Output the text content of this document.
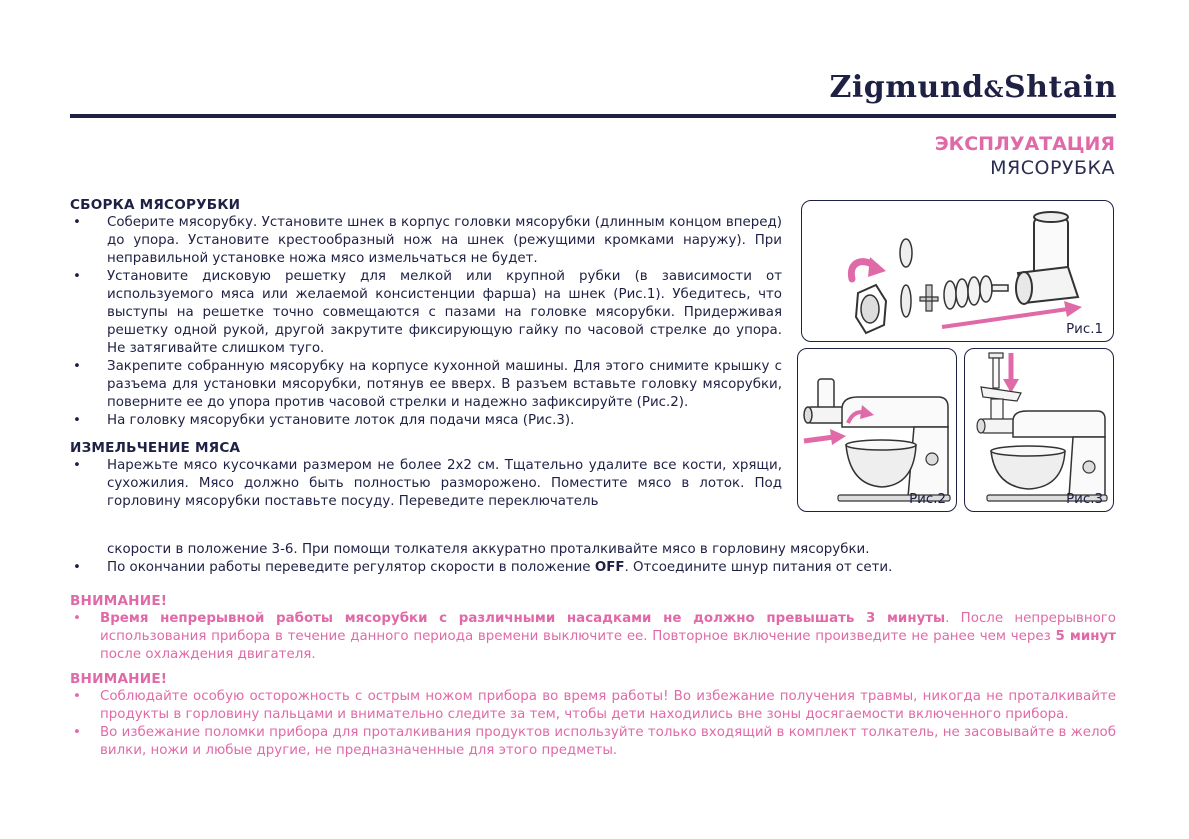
Zigmund&Shtain
ЭКСПЛУАТАЦИЯ
МЯСОРУБКА
СБОРКА МЯСОРУБКИ
• Соберите мясорубку. Установите шнек в корпус головки мясорубки (длинным концом вперед) до упора. Установите крестообразный нож на шнек (режущими кромками наружу). При неправильной установке ножа мясо измельчаться не будет.
• Установите дисковую решетку для мелкой или крупной рубки (в зависимости от используемого мяса или желаемой консистенции фарша) на шнек (Рис.1). Убедитесь, что выступы на решетке точно совмещаются с пазами на головке мясорубки. Придерживая решетку одной рукой, другой закрутите фиксирующую гайку по часовой стрелке до упора. Не затягивайте слишком туго.
• Закрепите собранную мясорубку на корпусе кухонной машины. Для этого снимите крышку с разъема для установки мясорубки, потянув ее вверх. В разъем вставьте головку мясорубки, поверните ее до упора против часовой стрелки и надежно зафиксируйте (Рис.2).
• На головку мясорубки установите лоток для подачи мяса (Рис.3).
ИЗМЕЛЬЧЕНИЕ МЯСА
• Нарежьте мясо кусочками размером не более 2х2 см. Тщательно удалите все кости, хрящи, сухожилия. Мясо должно быть полностью разморожено. Поместите мясо в лоток. Под горловину мясорубки поставьте посуду. Переведите переключатель
скорости в положение 3-6. При помощи толкателя аккуратно проталкивайте мясо в горловину мясорубки.
• По окончании работы переведите регулятор скорости в положение OFF. Отсоедините шнур питания от сети.
ВНИМАНИЕ!
• Время непрерывной работы мясорубки с различными насадками не должно превышать 3 минуты. После непрерывного использования прибора в течение данного периода времени выключите ее. Повторное включение произведите не ранее чем через 5 минут после охлаждения двигателя.
ВНИМАНИЕ!
• Соблюдайте особую осторожность с острым ножом прибора во время работы! Во избежание получения травмы, никогда не проталкивайте продукты в горловину пальцами и внимательно следите за тем, чтобы дети находились вне зоны досягаемости включенного прибора.
• Во избежание поломки прибора для проталкивания продуктов используйте только входящий в комплект толкатель, не засовывайте в желоб вилки, ножи и любые другие, не предназначенные для этого предметы.
Рис.1
Рис.2	Рис.3
